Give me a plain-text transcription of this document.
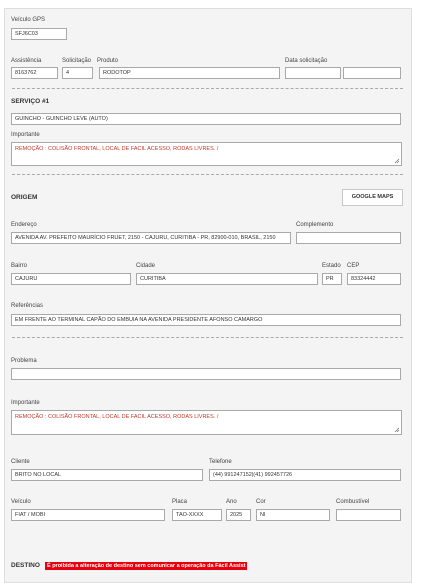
Veículo GPS
SFJ6C03
Assistência
8163762
Solicitação
4
Produto
RODOTOP
Data solicitação
SERVIÇO #1
GUINCHO - GUINCHO LEVE (AUTO)
Importante
REMOÇÃO : COLISÃO FRONTAL, LOCAL DE FACIL ACESSO, RODAS LIVRES. /
ORIGEM	GOOGLE MAPS
Endereço
AVENIDA AV. PREFEITO MAURÍCIO FRUET, 2150 - CAJURU, CURITIBA - PR, 82900-010, BRASIL, 2150
Complemento
Bairro
CAJURU
Cidade
CURITIBA
Estado
PR
CEP
83324442
Referências
EM FRENTE AO TERMINAL CAPÃO DO EMBUIA NA AVENIDA PRESIDENTE AFONSO CAMARGO
Problema
Importante
REMOÇÃO : COLISÃO FRONTAL, LOCAL DE FACIL ACESSO, RODAS LIVRES. /
Cliente
BRITO NO LOCAL
Telefone
(44) 991247152|(41) 992457726
Veículo
FIAT / MOBI
Placa
TAO-XXXX
Ano
2025
Cor
NI
Combustível
DESTINO	É proibida a alteração de destino sem comunicar a operação da Fácil Assist
